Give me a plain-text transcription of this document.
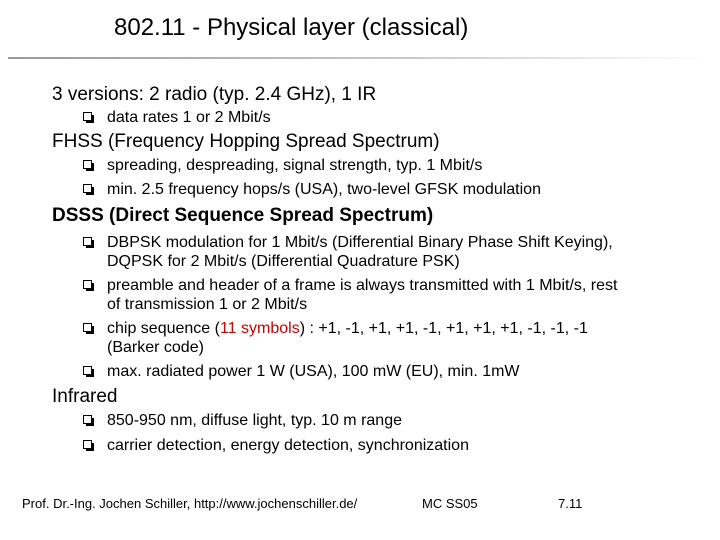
802.11 - Physical layer (classical)
3 versions: 2 radio (typ. 2.4 GHz), 1 IR
data rates 1 or 2 Mbit/s
FHSS (Frequency Hopping Spread Spectrum)
spreading, despreading, signal strength, typ. 1 Mbit/s
min. 2.5 frequency hops/s (USA), two-level GFSK modulation
DSSS (Direct Sequence Spread Spectrum)
DBPSK modulation for 1 Mbit/s (Differential Binary Phase Shift Keying),
DQPSK for 2 Mbit/s (Differential Quadrature PSK)
preamble and header of a frame is always transmitted with 1 Mbit/s, rest
of transmission 1 or 2 Mbit/s
chip sequence (11 symbols) : +1, -1, +1, +1, -1, +1, +1, +1, -1, -1, -1
(Barker code)
max. radiated power 1 W (USA), 100 mW (EU), min. 1mW
Infrared
850-950 nm, diffuse light, typ. 10 m range
carrier detection, energy detection, synchronization
Prof. Dr.-Ing. Jochen Schiller, http://www.jochenschiller.de/	MC SS05	7.11
